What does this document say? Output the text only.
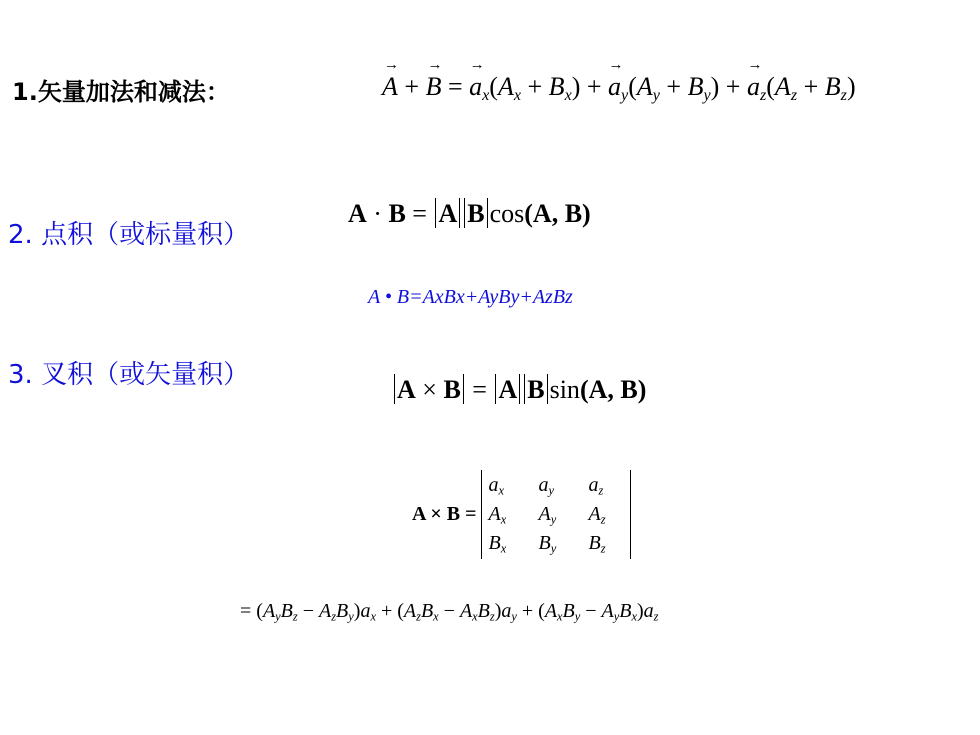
1.矢量加法和减法：
→	A + → B = → $a_x(A_x + B_x)$ + → $a_y(A_y + B_y)$ + → $a_z(A_z + B_z)$
2. 点积（或标量积）
A · B = A B cos(A, B)
A • B=AxBx+AyBy+AzBz
3. 叉积（或矢量积）	A × B = A B sin(A, B)
A × B =
$a_x$	$a_y$	$a_z$
$A_x$	$A_y$	$A_z$
$B_x$	$B_y$	$B_z$
= $(A_yB_z - A_zB_y)a_x + (A_zB_x - A_xB_z)a_y + (A_xB_y - A_yB_x)a_z$
